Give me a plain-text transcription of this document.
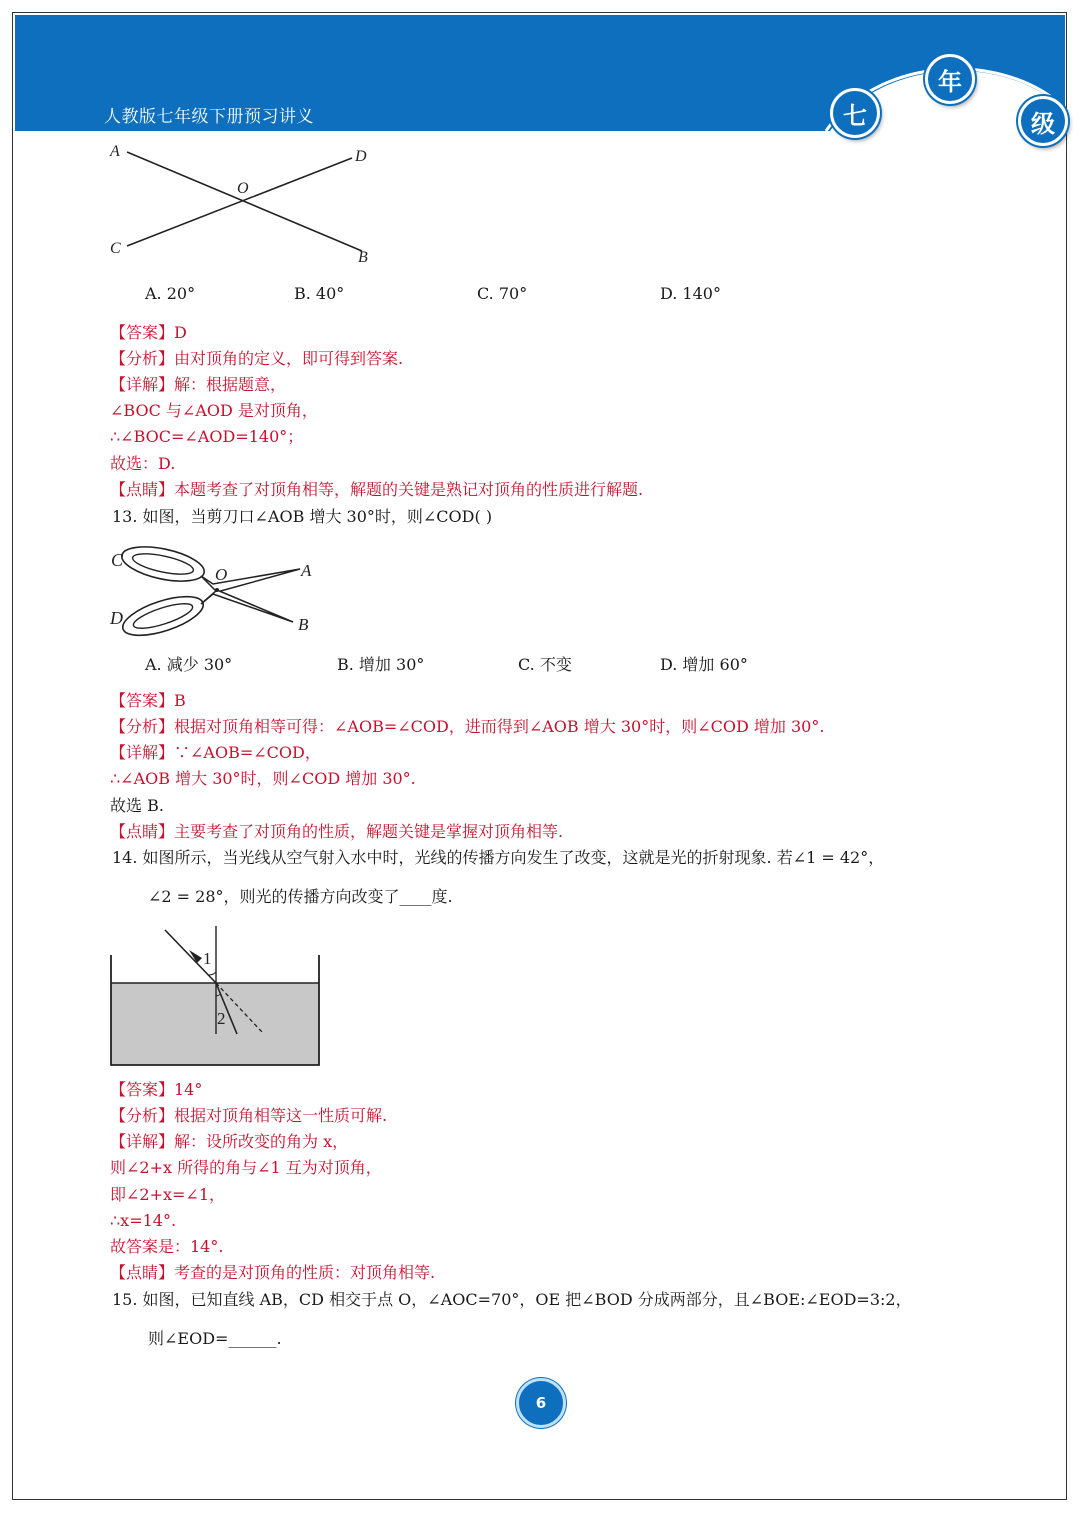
人教版七年级下册预习讲义	七
年
级
A	D
O
C
B
A. 20°	B. 40°	C. 70°	D. 140°
【答案】D
【分析】由对顶角的定义，即可得到答案.
【详解】解：根据题意，
∠BOC 与∠AOD 是对顶角，
∴∠BOC=∠AOD=140°；
故选：D.
【点睛】本题考查了对顶角相等，解题的关键是熟记对顶角的性质进行解题.
13. 如图，当剪刀口∠AOB 增大 30°时，则∠COD( )
C
O	A
D	B
A. 减少 30°	B. 增加 30°	C. 不变	D. 增加 60°
【答案】B
【分析】根据对顶角相等可得：∠AOB=∠COD，进而得到∠AOB 增大 30°时，则∠COD 增加 30°.
【详解】∵∠AOB=∠COD，
∴∠AOB 增大 30°时，则∠COD 增加 30°.
故选 B.
【点睛】主要考查了对顶角的性质，解题关键是掌握对顶角相等.
14. 如图所示，当光线从空气射入水中时，光线的传播方向发生了改变，这就是光的折射现象. 若∠1 = 42°，
∠2 = 28°，则光的传播方向改变了____度.
1
2
【答案】14°
【分析】根据对顶角相等这一性质可解.
【详解】解：设所改变的角为 x，
则∠2+x 所得的角与∠1 互为对顶角，
即∠2+x=∠1，
∴x=14°.
故答案是：14°.
【点睛】考查的是对顶角的性质：对顶角相等.
15. 如图，已知直线 AB，CD 相交于点 O，∠AOC=70°，OE 把∠BOD 分成两部分，且∠BOE:∠EOD=3:2，
则∠EOD=______.
6
